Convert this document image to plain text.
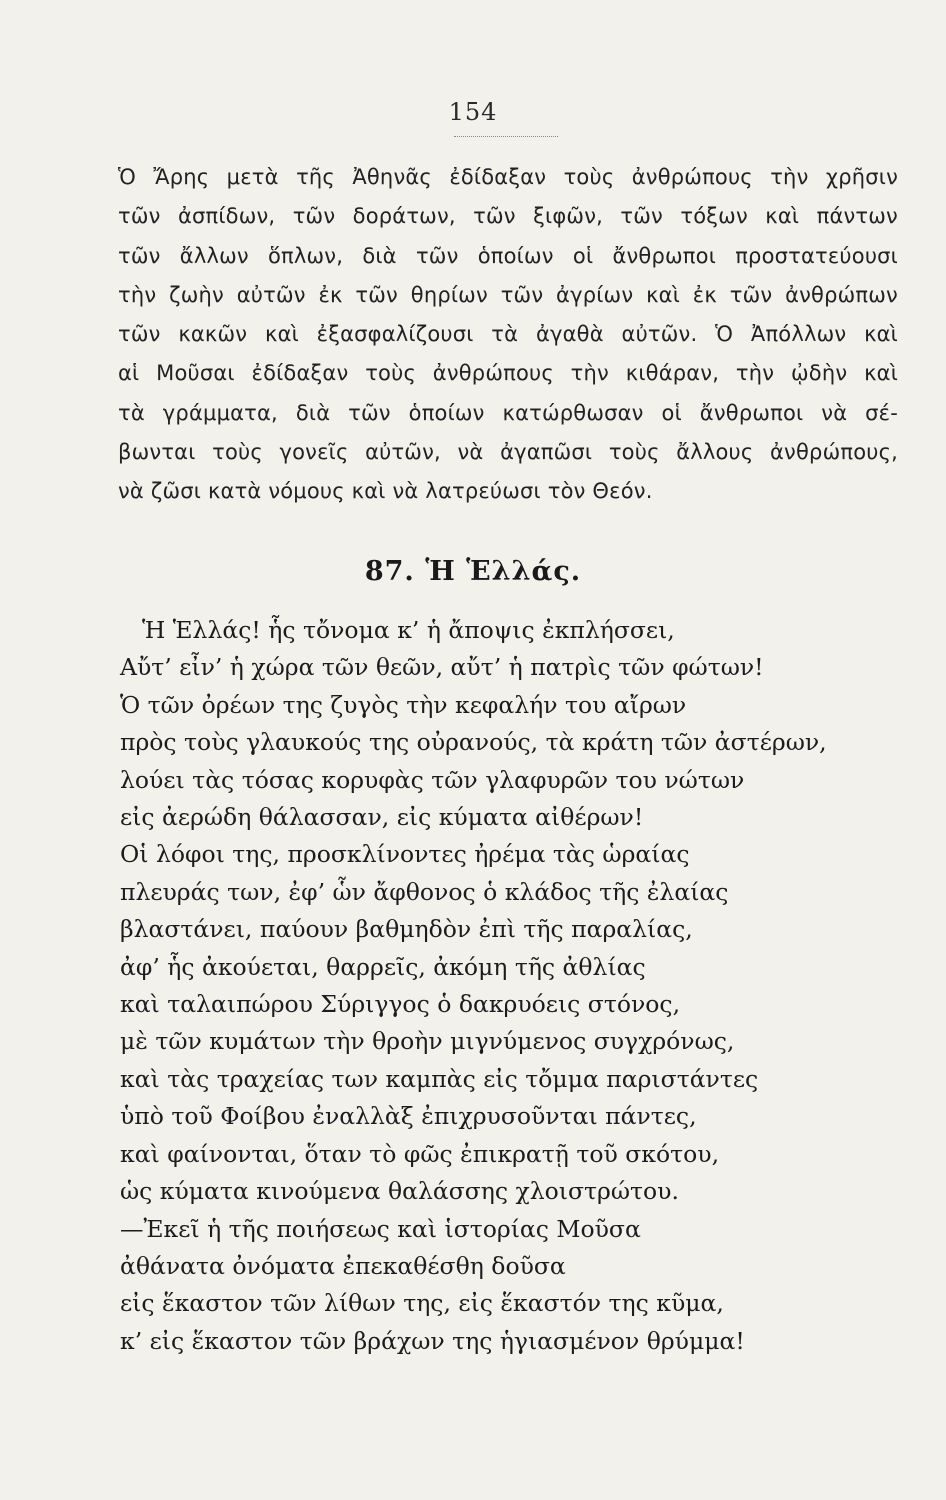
154
Ὁ Ἄρης μετὰ τῆς Ἀθηνᾶς ἐδίδαξαν τοὺς ἀνθρώπους τὴν χρῆσιν
τῶν ἀσπίδων, τῶν δοράτων, τῶν ξιφῶν, τῶν τόξων καὶ πάντων
τῶν ἄλλων ὅπλων, διὰ τῶν ὁποίων οἱ ἄνθρωποι προστατεύουσι
τὴν ζωὴν αὐτῶν ἐκ τῶν θηρίων τῶν ἀγρίων καὶ ἐκ τῶν ἀνθρώπων
τῶν κακῶν καὶ ἐξασφαλίζουσι τὰ ἀγαθὰ αὐτῶν. Ὁ Ἀπόλλων καὶ
αἱ Μοῦσαι ἐδίδαξαν τοὺς ἀνθρώπους τὴν κιθάραν, τὴν ᾠδὴν καὶ
τὰ γράμματα, διὰ τῶν ὁποίων κατώρθωσαν οἱ ἄνθρωποι νὰ σέ-
βωνται τοὺς γονεῖς αὐτῶν, νὰ ἀγαπῶσι τοὺς ἄλλους ἀνθρώπους,
νὰ ζῶσι κατὰ νόμους καὶ νὰ λατρεύωσι τὸν Θεόν.
87. Ἡ Ἑλλάς.
Ἡ Ἑλλάς! ἧς τὄνομα κ’ ἡ ἄποψις ἐκπλήσσει,
Αὔτ’ εἶν’ ἡ χώρα τῶν θεῶν, αὔτ’ ἡ πατρὶς τῶν φώτων!
Ὁ τῶν ὀρέων της ζυγὸς τὴν κεφαλήν του αἴρων
πρὸς τοὺς γλαυκούς της οὐρανούς, τὰ κράτη τῶν ἀστέρων,
λούει τὰς τόσας κορυφὰς τῶν γλαφυρῶν του νώτων
εἰς ἀερώδη θάλασσαν, εἰς κύματα αἰθέρων!
Οἱ λόφοι της, προσκλίνοντες ἠρέμα τὰς ὡραίας
πλευράς των, ἐφ’ ὧν ἄφθονος ὁ κλάδος τῆς ἐλαίας
βλαστάνει, παύουν βαθμηδὸν ἐπὶ τῆς παραλίας,
ἀφ’ ἧς ἀκούεται, θαρρεῖς, ἀκόμη τῆς ἀθλίας
καὶ ταλαιπώρου Σύριγγος ὁ δακρυόεις στόνος,
μὲ τῶν κυμάτων τὴν θροὴν μιγνύμενος συγχρόνως,
καὶ τὰς τραχείας των καμπὰς εἰς τὄμμα παριστάντες
ὑπὸ τοῦ Φοίβου ἐναλλὰξ ἐπιχρυσοῦνται πάντες,
καὶ φαίνονται, ὅταν τὸ φῶς ἐπικρατῇ τοῦ σκότου,
ὡς κύματα κινούμενα θαλάσσης χλοιστρώτου.
—Ἐκεῖ ἡ τῆς ποιήσεως καὶ ἱστορίας Μοῦσα
ἀθάνατα ὀνόματα ἐπεκαθέσθη δοῦσα
εἰς ἕκαστον τῶν λίθων της, εἰς ἕκαστόν της κῦμα,
κ’ εἰς ἕκαστον τῶν βράχων της ἡγιασμένον θρύμμα!
